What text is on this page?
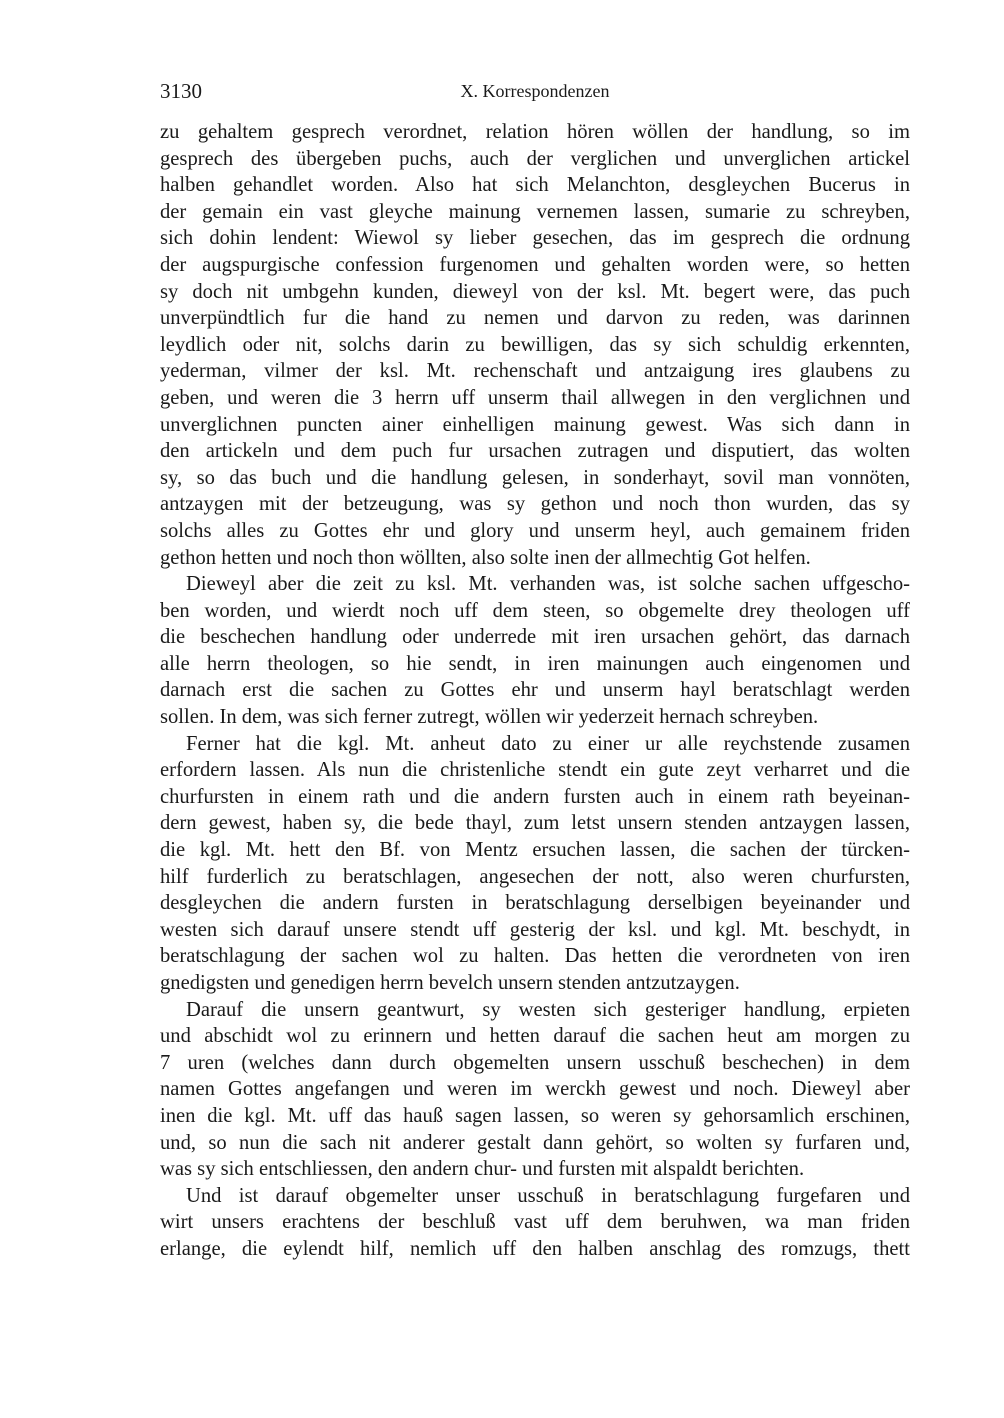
3130	X. Korrespondenzen
zu gehaltem gesprech verordnet, relation hören wöllen der handlung, so im
gesprech des übergeben puchs, auch der verglichen und unverglichen artickel
halben gehandlet worden. Also hat sich Melanchton, desgleychen Bucerus in
der gemain ein vast gleyche mainung vernemen lassen, sumarie zu schreyben,
sich dohin lendent: Wiewol sy lieber gesechen, das im gesprech die ordnung
der augspurgische confession furgenomen und gehalten worden were, so hetten
sy doch nit umbgehn kunden, dieweyl von der ksl. Mt. begert were, das puch
unverpündtlich fur die hand zu nemen und darvon zu reden, was darinnen
leydlich oder nit, solchs darin zu bewilligen, das sy sich schuldig erkennten,
yederman, vilmer der ksl. Mt. rechenschaft und antzaigung ires glaubens zu
geben, und weren die 3 herrn uff unserm thail allwegen in den verglichnen und
unverglichnen puncten ainer einhelligen mainung gewest. Was sich dann in
den artickeln und dem puch fur ursachen zutragen und disputiert, das wolten
sy, so das buch und die handlung gelesen, in sonderhayt, sovil man vonnöten,
antzaygen mit der betzeugung, was sy gethon und noch thon wurden, das sy
solchs alles zu Gottes ehr und glory und unserm heyl, auch gemainem friden
gethon hetten und noch thon wöllten, also solte inen der allmechtig Got helfen.
Dieweyl aber die zeit zu ksl. Mt. verhanden was, ist solche sachen uffgescho-
ben worden, und wierdt noch uff dem steen, so obgemelte drey theologen uff
die beschechen handlung oder underrede mit iren ursachen gehört, das darnach
alle herrn theologen, so hie sendt, in iren mainungen auch eingenomen und
darnach erst die sachen zu Gottes ehr und unserm hayl beratschlagt werden
sollen. In dem, was sich ferner zutregt, wöllen wir yederzeit hernach schreyben.
Ferner hat die kgl. Mt. anheut dato zu einer ur alle reychstende zusamen
erfordern lassen. Als nun die christenliche stendt ein gute zeyt verharret und die
churfursten in einem rath und die andern fursten auch in einem rath beyeinan-
dern gewest, haben sy, die bede thayl, zum letst unsern stenden antzaygen lassen,
die kgl. Mt. hett den Bf. von Mentz ersuchen lassen, die sachen der türcken-
hilf furderlich zu beratschlagen, angesechen der nott, also weren churfursten,
desgleychen die andern fursten in beratschlagung derselbigen beyeinander und
westen sich darauf unsere stendt uff gesterig der ksl. und kgl. Mt. beschydt, in
beratschlagung der sachen wol zu halten. Das hetten die verordneten von iren
gnedigsten und genedigen herrn bevelch unsern stenden antzutzaygen.
Darauf die unsern geantwurt, sy westen sich gesteriger handlung, erpieten
und abschidt wol zu erinnern und hetten darauf die sachen heut am morgen zu
7 uren (welches dann durch obgemelten unsern usschuß beschechen) in dem
namen Gottes angefangen und weren im werckh gewest und noch. Dieweyl aber
inen die kgl. Mt. uff das hauß sagen lassen, so weren sy gehorsamlich erschinen,
und, so nun die sach nit anderer gestalt dann gehört, so wolten sy furfaren und,
was sy sich entschliessen, den andern chur- und fursten mit alspaldt berichten.
Und ist darauf obgemelter unser usschuß in beratschlagung furgefaren und
wirt unsers erachtens der beschluß vast uff dem beruhwen, wa man friden
erlange, die eylendt hilf, nemlich uff den halben anschlag des romzugs, thett
